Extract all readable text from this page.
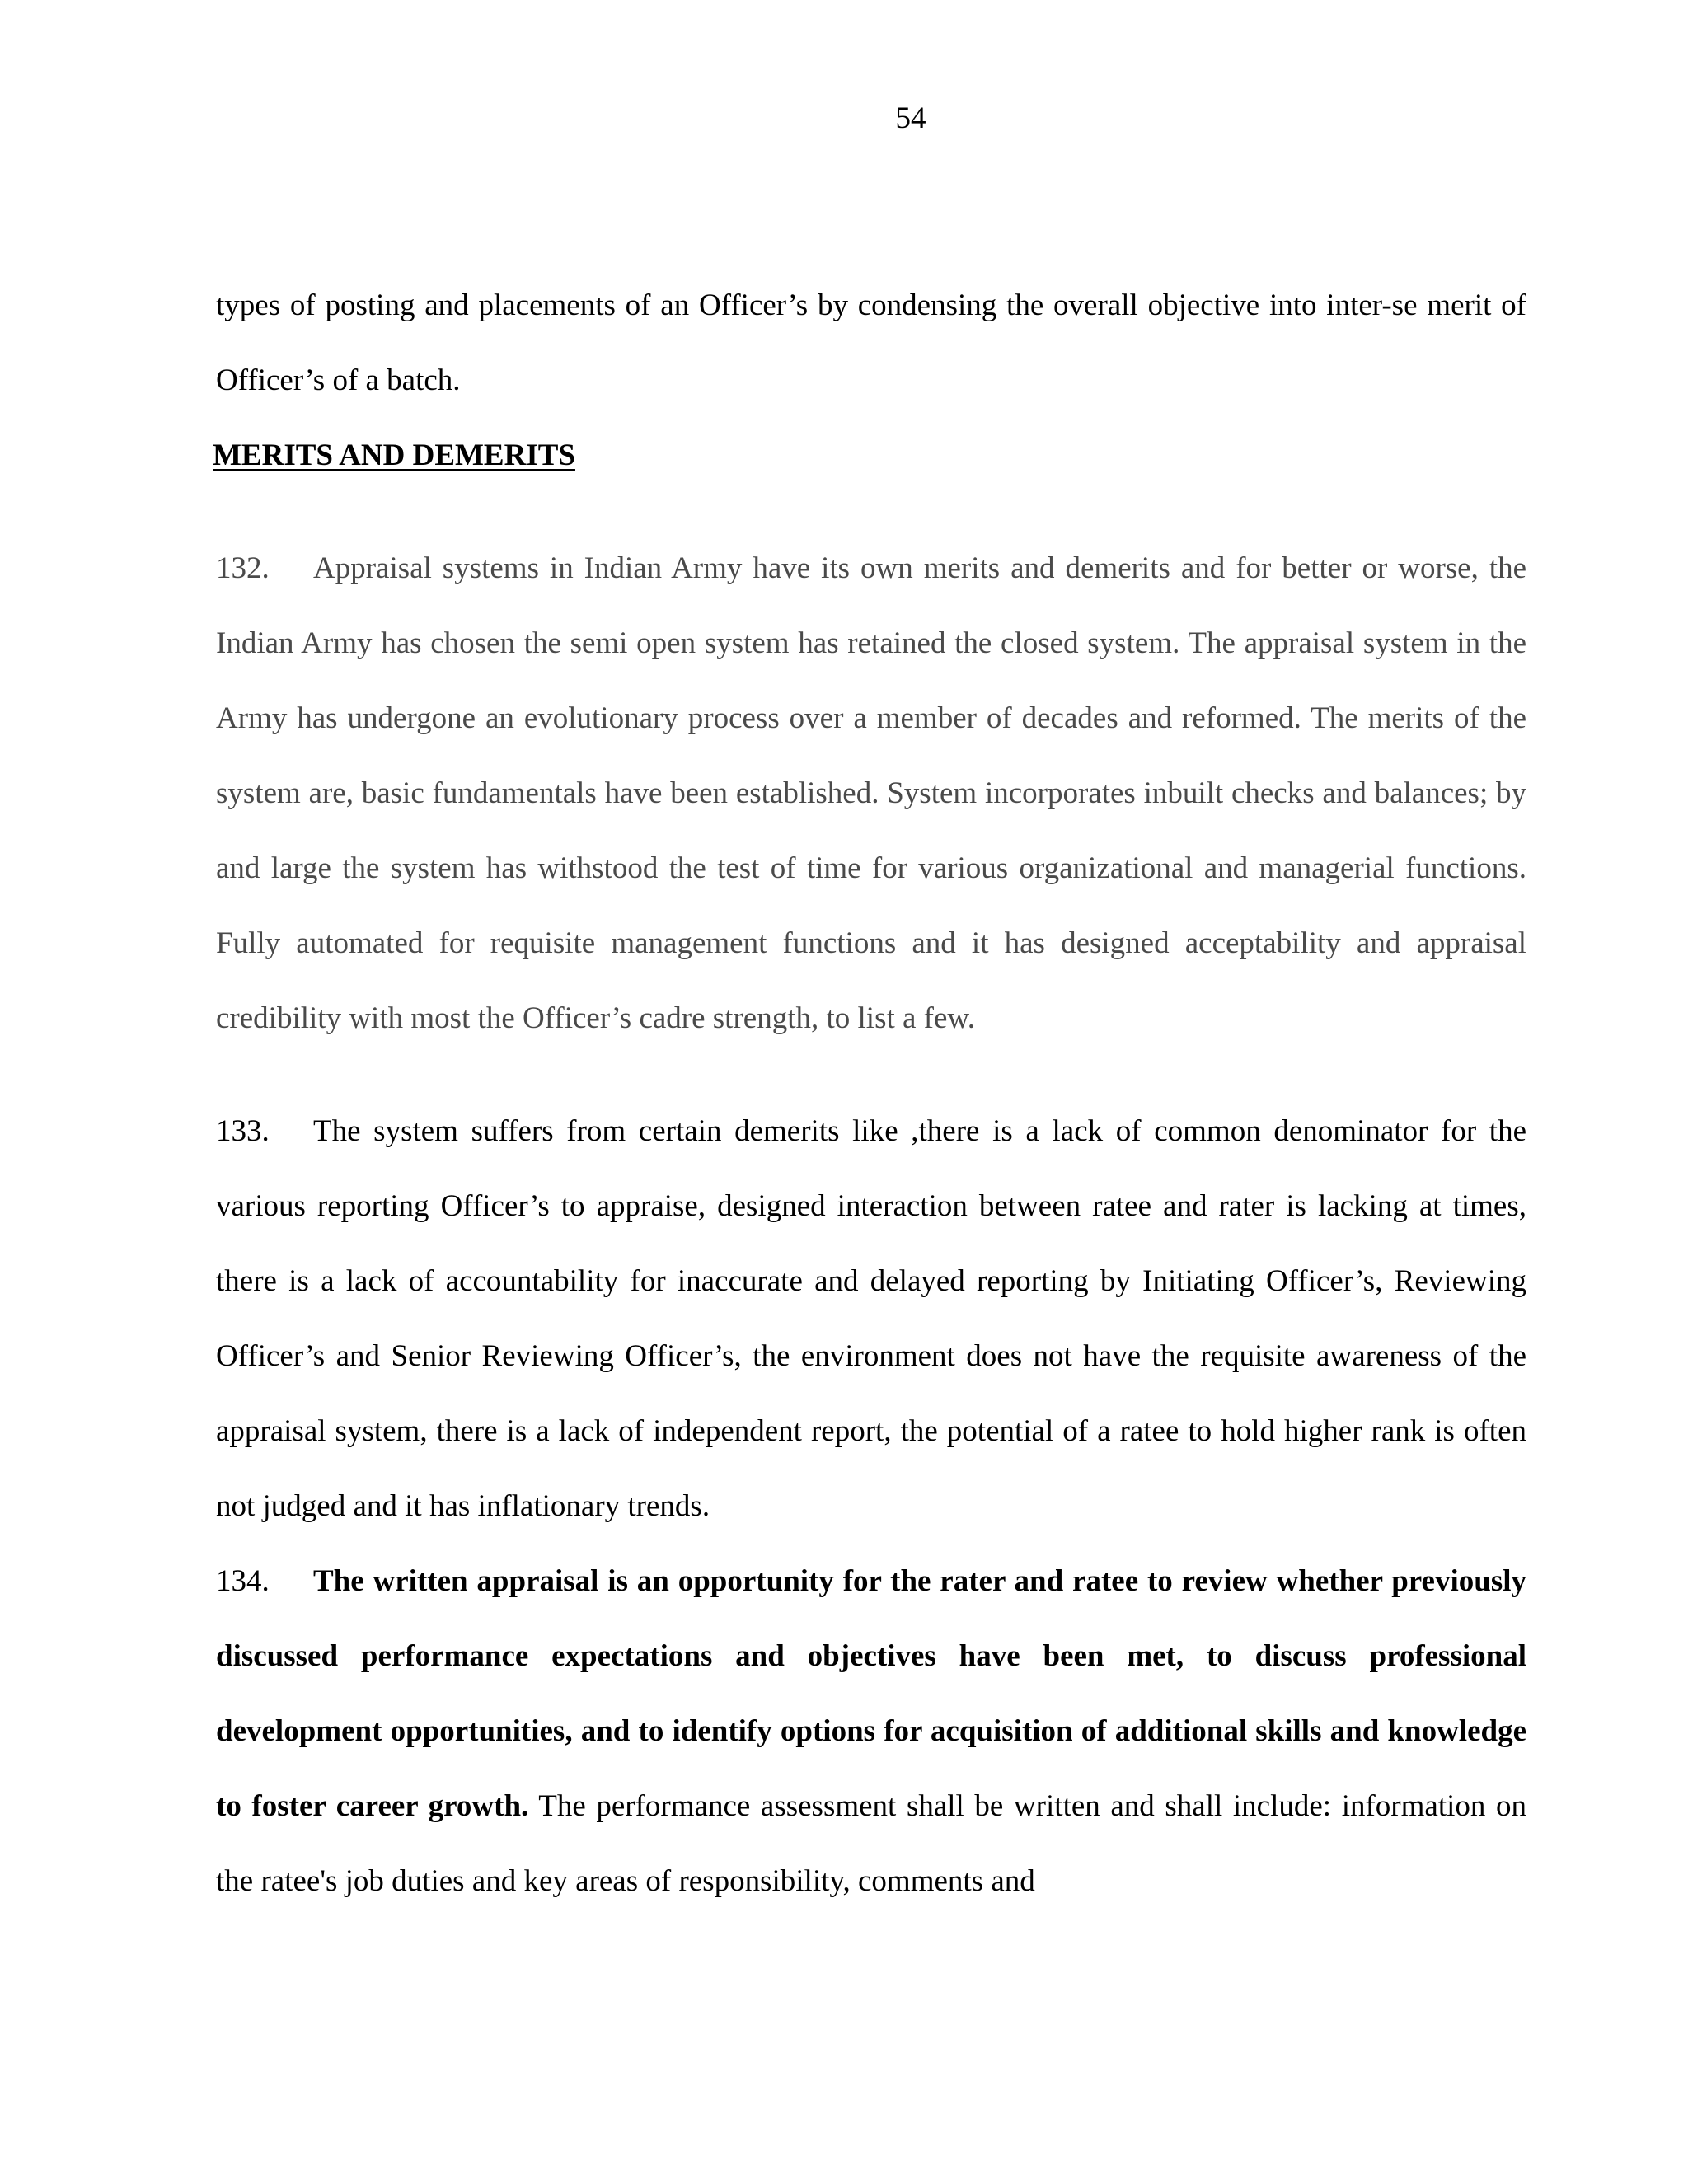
54

types of posting and placements of an Officer’s by condensing the overall objective into inter-se merit of Officer’s of a batch.

MERITS AND DEMERITS

132. Appraisal systems in Indian Army have its own merits and demerits and for better or worse, the Indian Army has chosen the semi open system has retained the closed system. The appraisal system in the Army has undergone an evolutionary process over a member of decades and reformed. The merits of the system are, basic fundamentals have been established. System incorporates inbuilt checks and balances; by and large the system has withstood the test of time for various organizational and managerial functions. Fully automated for requisite management functions and it has designed acceptability and appraisal credibility with most the Officer’s cadre strength, to list a few.

133. The system suffers from certain demerits like ,there is a lack of common denominator for the various reporting Officer’s to appraise, designed interaction between ratee and rater is lacking at times, there is a lack of accountability for inaccurate and delayed reporting by Initiating Officer’s, Reviewing Officer’s and Senior Reviewing Officer’s, the environment does not have the requisite awareness of the appraisal system, there is a lack of independent report, the potential of a ratee to hold higher rank is often not judged and it has inflationary trends.

134. The written appraisal is an opportunity for the rater and ratee to review whether previously discussed performance expectations and objectives have been met, to discuss professional development opportunities, and to identify options for acquisition of additional skills and knowledge to foster career growth. The performance assessment shall be written and shall include: information on the ratee's job duties and key areas of responsibility, comments and
